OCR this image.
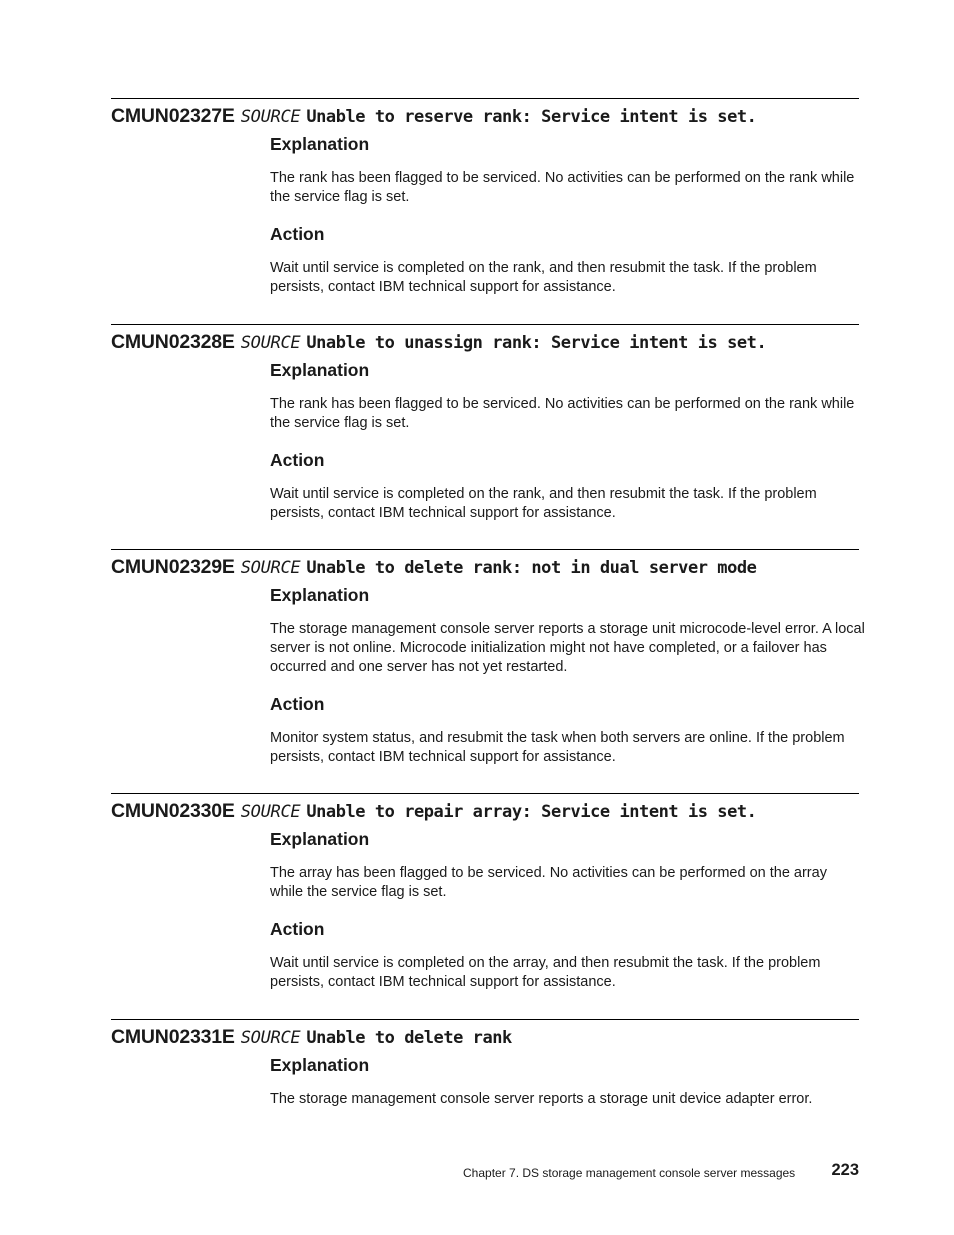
CMUN02327E SOURCE Unable to reserve rank: Service intent is set.
Explanation
The rank has been flagged to be serviced. No activities can be performed on the rank while the service flag is set.
Action
Wait until service is completed on the rank, and then resubmit the task. If the problem persists, contact IBM technical support for assistance.
CMUN02328E SOURCE Unable to unassign rank: Service intent is set.
Explanation
The rank has been flagged to be serviced. No activities can be performed on the rank while the service flag is set.
Action
Wait until service is completed on the rank, and then resubmit the task. If the problem persists, contact IBM technical support for assistance.
CMUN02329E SOURCE Unable to delete rank: not in dual server mode
Explanation
The storage management console server reports a storage unit microcode-level error. A local server is not online. Microcode initialization might not have completed, or a failover has occurred and one server has not yet restarted.
Action
Monitor system status, and resubmit the task when both servers are online. If the problem persists, contact IBM technical support for assistance.
CMUN02330E SOURCE Unable to repair array: Service intent is set.
Explanation
The array has been flagged to be serviced. No activities can be performed on the array while the service flag is set.
Action
Wait until service is completed on the array, and then resubmit the task. If the problem persists, contact IBM technical support for assistance.
CMUN02331E SOURCE Unable to delete rank
Explanation
The storage management console server reports a storage unit device adapter error.
Chapter 7. DS storage management console server messages 223
